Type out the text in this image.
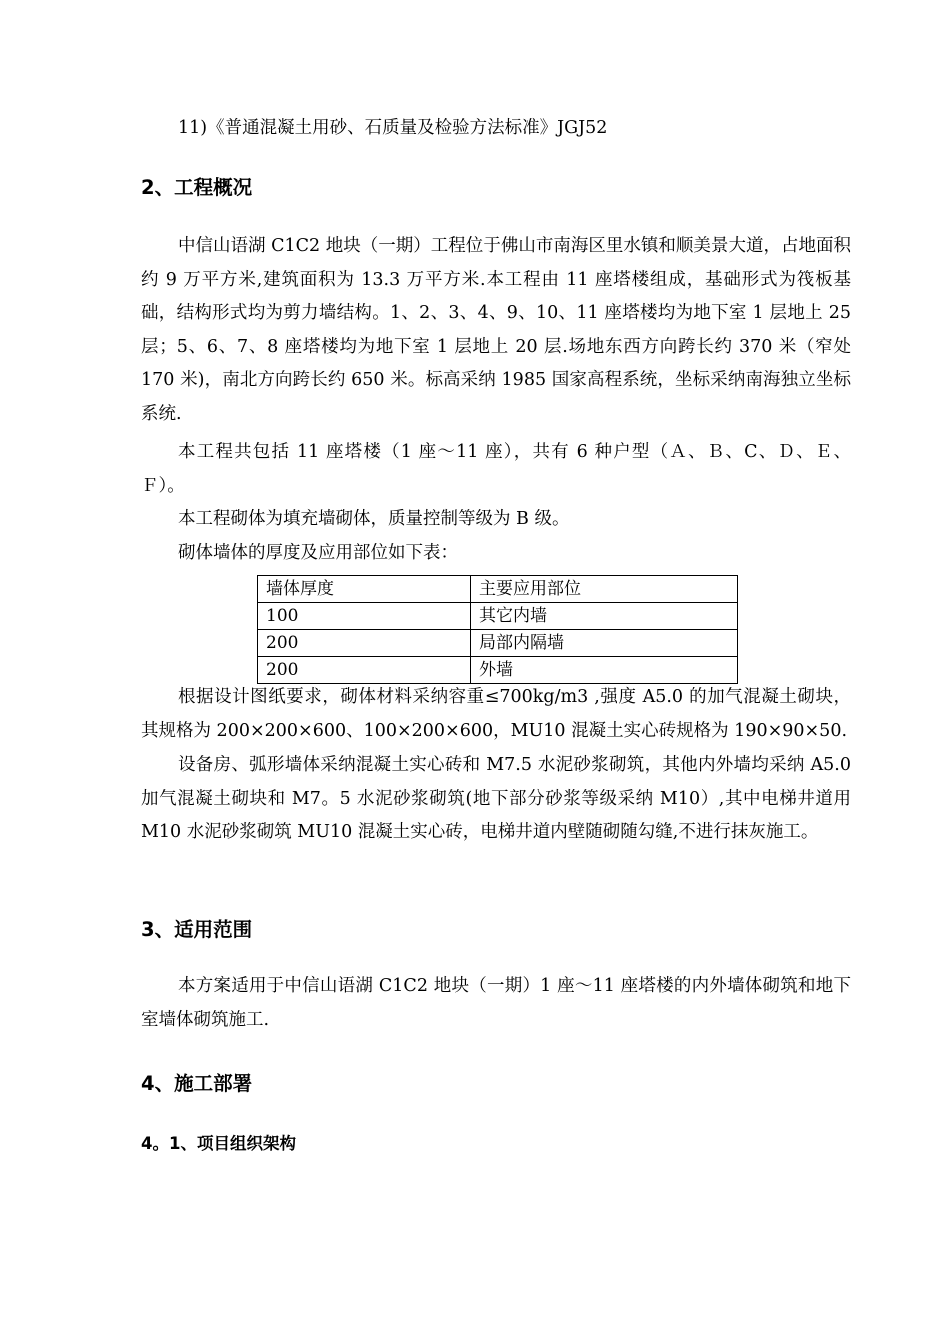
11)《普通混凝土用砂、石质量及检验方法标准》JGJ52

2、工程概况

中信山语湖 C1C2 地块（一期）工程位于佛山市南海区里水镇和顺美景大道，占地面积约 9 万平方米,建筑面积为 13.3 万平方米.本工程由 11 座塔楼组成，基础形式为筏板基础，结构形式均为剪力墙结构。1、2、3、4、9、10、11 座塔楼均为地下室 1 层地上 25 层；5、6、7、8 座塔楼均为地下室 1 层地上 20 层.场地东西方向跨长约 370 米（窄处 170 米)，南北方向跨长约 650 米。标高采纳 1985 国家高程系统，坐标采纳南海独立坐标系统.

本工程共包括 11 座塔楼（1 座～11 座），共有 6 种户型（Ａ、Ｂ、C、Ｄ、Ｅ、Ｆ）。

本工程砌体为填充墙砌体，质量控制等级为 B 级。

砌体墙体的厚度及应用部位如下表：

墙体厚度	主要应用部位
100	其它内墙
200	局部内隔墙
200	外墙

根据设计图纸要求，砌体材料采纳容重≤700kg/m3 ,强度 A5.0 的加气混凝土砌块，其规格为 200×200×600、100×200×600，MU10 混凝土实心砖规格为 190×90×50.

设备房、弧形墙体采纳混凝土实心砖和 M7.5 水泥砂浆砌筑，其他内外墙均采纳 A5.0 加气混凝土砌块和 M7。5 水泥砂浆砌筑(地下部分砂浆等级采纳 M10）,其中电梯井道用 M10 水泥砂浆砌筑 MU10 混凝土实心砖，电梯井道内壁随砌随勾缝,不进行抹灰施工。

3、适用范围

本方案适用于中信山语湖 C1C2 地块（一期）1 座～11 座塔楼的内外墙体砌筑和地下室墙体砌筑施工.

4、施工部署
4。1、项目组织架构
